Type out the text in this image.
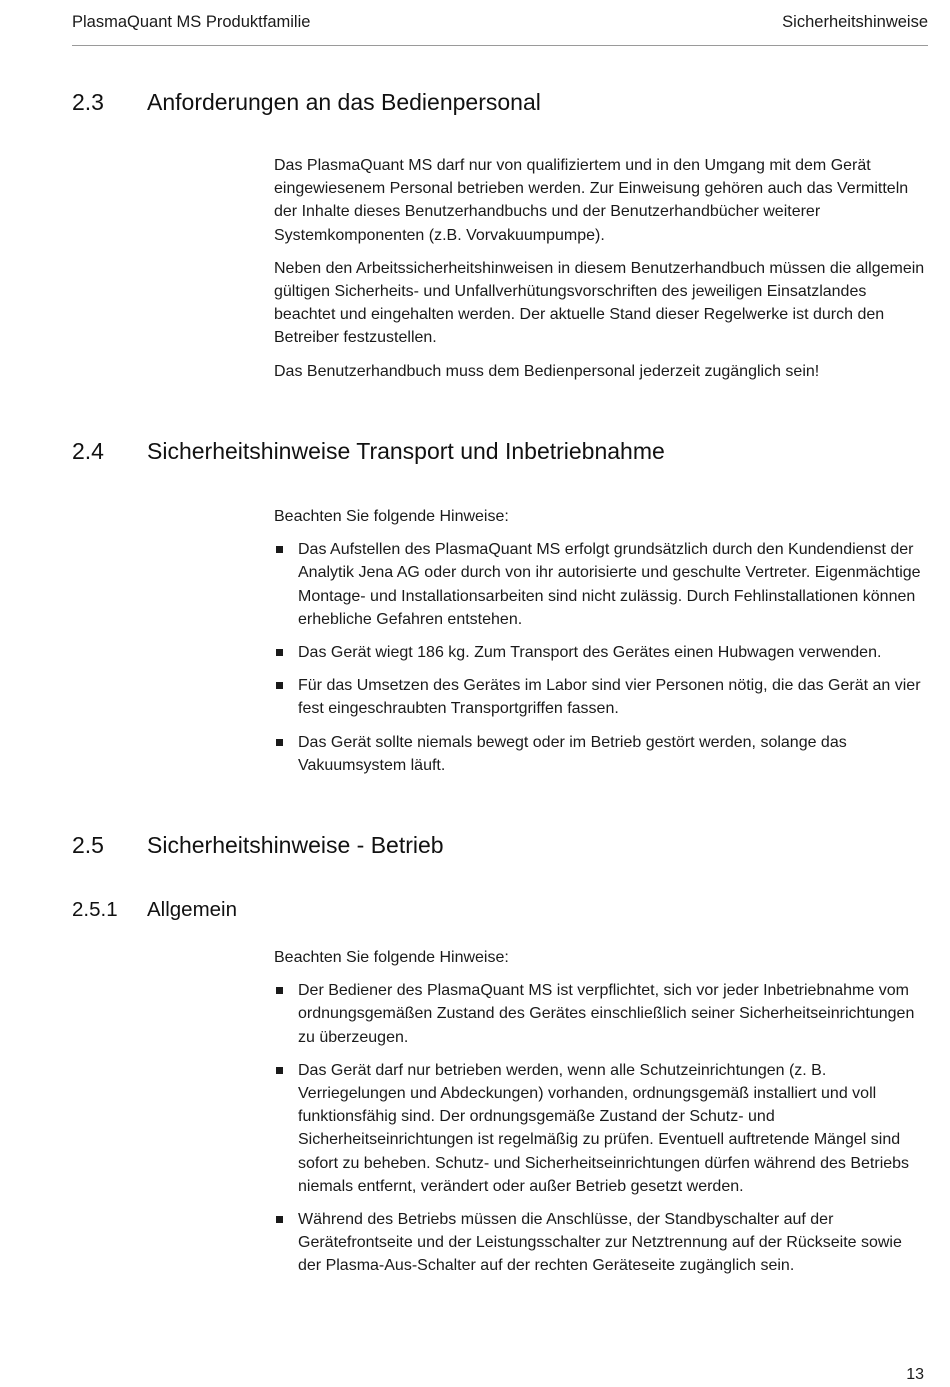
PlasmaQuant MS Produktfamilie	Sicherheitshinweise
2.3 Anforderungen an das Bedienpersonal

Das PlasmaQuant MS darf nur von qualifiziertem und in den Umgang mit dem Gerät eingewiesenem Personal betrieben werden. Zur Einweisung gehören auch das Vermitteln der Inhalte dieses Benutzerhandbuchs und der Benutzerhandbücher weiterer Systemkomponenten (z.B. Vorvakuumpumpe).

Neben den Arbeitssicherheitshinweisen in diesem Benutzerhandbuch müssen die allgemein gültigen Sicherheits- und Unfallverhütungsvorschriften des jeweiligen Einsatzlandes beachtet und eingehalten werden. Der aktuelle Stand dieser Regelwerke ist durch den Betreiber festzustellen.

Das Benutzerhandbuch muss dem Bedienpersonal jederzeit zugänglich sein!

2.4 Sicherheitshinweise Transport und Inbetriebnahme

Beachten Sie folgende Hinweise:

Das Aufstellen des PlasmaQuant MS erfolgt grundsätzlich durch den Kundendienst der Analytik Jena AG oder durch von ihr autorisierte und geschulte Vertreter. Eigenmächtige Montage- und Installationsarbeiten sind nicht zulässig. Durch Fehlinstallationen können erhebliche Gefahren entstehen.
Das Gerät wiegt 186 kg. Zum Transport des Gerätes einen Hubwagen verwenden.
Für das Umsetzen des Gerätes im Labor sind vier Personen nötig, die das Gerät an vier fest eingeschraubten Transportgriffen fassen.
Das Gerät sollte niemals bewegt oder im Betrieb gestört werden, solange das Vakuumsystem läuft.
2.5 Sicherheitshinweise - Betrieb
2.5.1 Allgemein

Beachten Sie folgende Hinweise:

Der Bediener des PlasmaQuant MS ist verpflichtet, sich vor jeder Inbetriebnahme vom ordnungsgemäßen Zustand des Gerätes einschließlich seiner Sicherheitseinrichtungen zu überzeugen.
Das Gerät darf nur betrieben werden, wenn alle Schutzeinrichtungen (z. B. Verriegelungen und Abdeckungen) vorhanden, ordnungsgemäß installiert und voll funktionsfähig sind. Der ordnungsgemäße Zustand der Schutz- und Sicherheitseinrichtungen ist regelmäßig zu prüfen. Eventuell auftretende Mängel sind sofort zu beheben. Schutz- und Sicherheitseinrichtungen dürfen während des Betriebs niemals entfernt, verändert oder außer Betrieb gesetzt werden.
Während des Betriebs müssen die Anschlüsse, der Standbyschalter auf der Gerätefrontseite und der Leistungsschalter zur Netztrennung auf der Rückseite sowie der Plasma-Aus-Schalter auf der rechten Geräteseite zugänglich sein.
13
